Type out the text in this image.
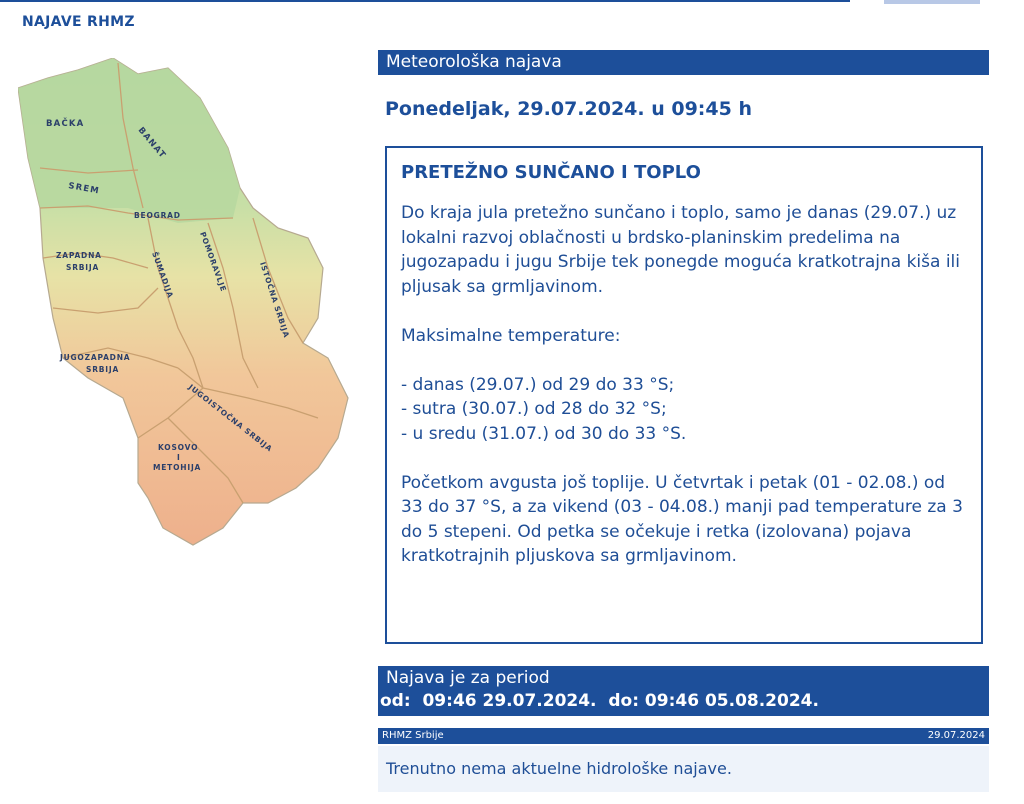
NAJAVE RHMZ
BAČKA
BANAT
SREM
BEOGRAD
ZAPADNA
SRBIJA	POMORAVLJE
ŠUMADIJA	ISTOČNA SRBIJA
JUGOZAPADNA
SRBIJA
JUGOISTOČNA SRBIJA
KOSOVO
I
METOHIJA
Meteorološka najava
Ponedeljak, 29.07.2024. u 09:45 h
PRETEŽNO SUNČANO I TOPLO

Do kraja jula pretežno sunčano i toplo, samo je danas (29.07.) uz lokalni razvoj oblačnosti u brdsko-planinskim predelima na jugozapadu i jugu Srbije tek ponegde moguća kratkotrajna kiša ili pljusak sa grmljavinom.

Maksimalne temperature:

- danas (29.07.) od 29 do 33 °S;
- sutra (30.07.) od 28 do 32 °S;
- u sredu (31.07.) od 30 do 33 °S.

Početkom avgusta još toplije. U četvrtak i petak (01 - 02.08.) od 33 do 37 °S, a za vikend (03 - 04.08.) manji pad temperature za 3 do 5 stepeni. Od petka se očekuje i retka (izolovana) pojava kratkotrajnih pljuskova sa grmljavinom.

Najava je za period
od:  09:46 29.07.2024.  do: 09:46 05.08.2024.
RHMZ Srbije	29.07.2024
Trenutno nema aktuelne hidrološke najave.
